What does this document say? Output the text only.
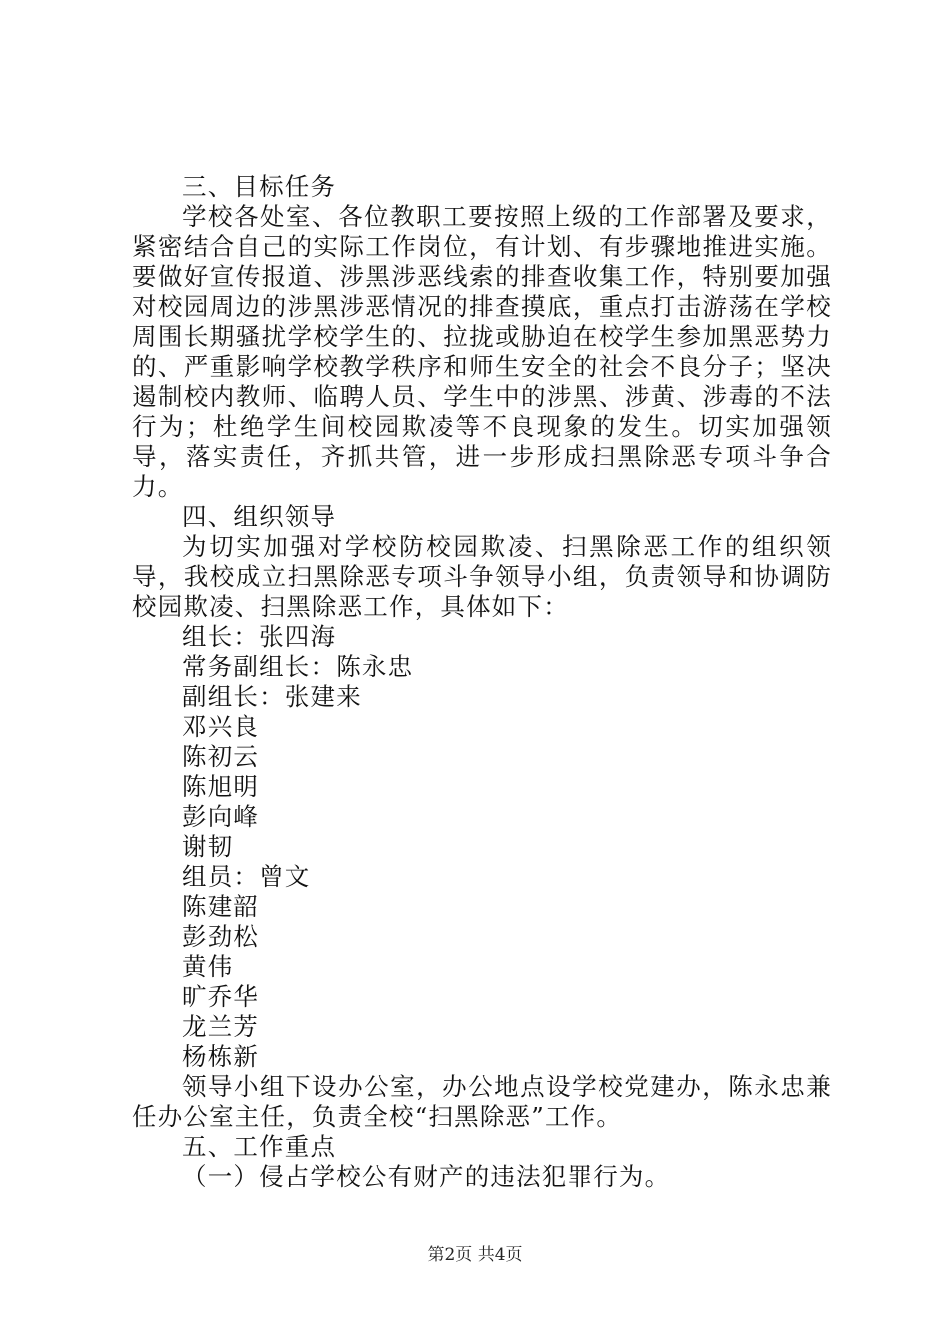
三、目标任务

学校各处室、各位教职工要按照上级的工作部署及要求，紧密结合自己的实际工作岗位，有计划、有步骤地推进实施。要做好宣传报道、涉黑涉恶线索的排查收集工作，特别要加强对校园周边的涉黑涉恶情况的排查摸底，重点打击游荡在学校周围长期骚扰学校学生的、拉拢或胁迫在校学生参加黑恶势力的、严重影响学校教学秩序和师生安全的社会不良分子；坚决遏制校内教师、临聘人员、学生中的涉黑、涉黄、涉毒的不法行为；杜绝学生间校园欺凌等不良现象的发生。切实加强领导，落实责任，齐抓共管，进一步形成扫黑除恶专项斗争合力。

四、组织领导

为切实加强对学校防校园欺凌、扫黑除恶工作的组织领导，我校成立扫黑除恶专项斗争领导小组，负责领导和协调防校园欺凌、扫黑除恶工作，具体如下：

组长：张四海

常务副组长：陈永忠

副组长：张建来

邓兴良

陈初云

陈旭明

彭向峰

谢韧

组员：曾文

陈建韶

彭劲松

黄伟

旷乔华

龙兰芳

杨栋新

领导小组下设办公室，办公地点设学校党建办，陈永忠兼任办公室主任，负责全校“扫黑除恶”工作。

五、工作重点

（一）侵占学校公有财产的违法犯罪行为。

第2页 共4页
